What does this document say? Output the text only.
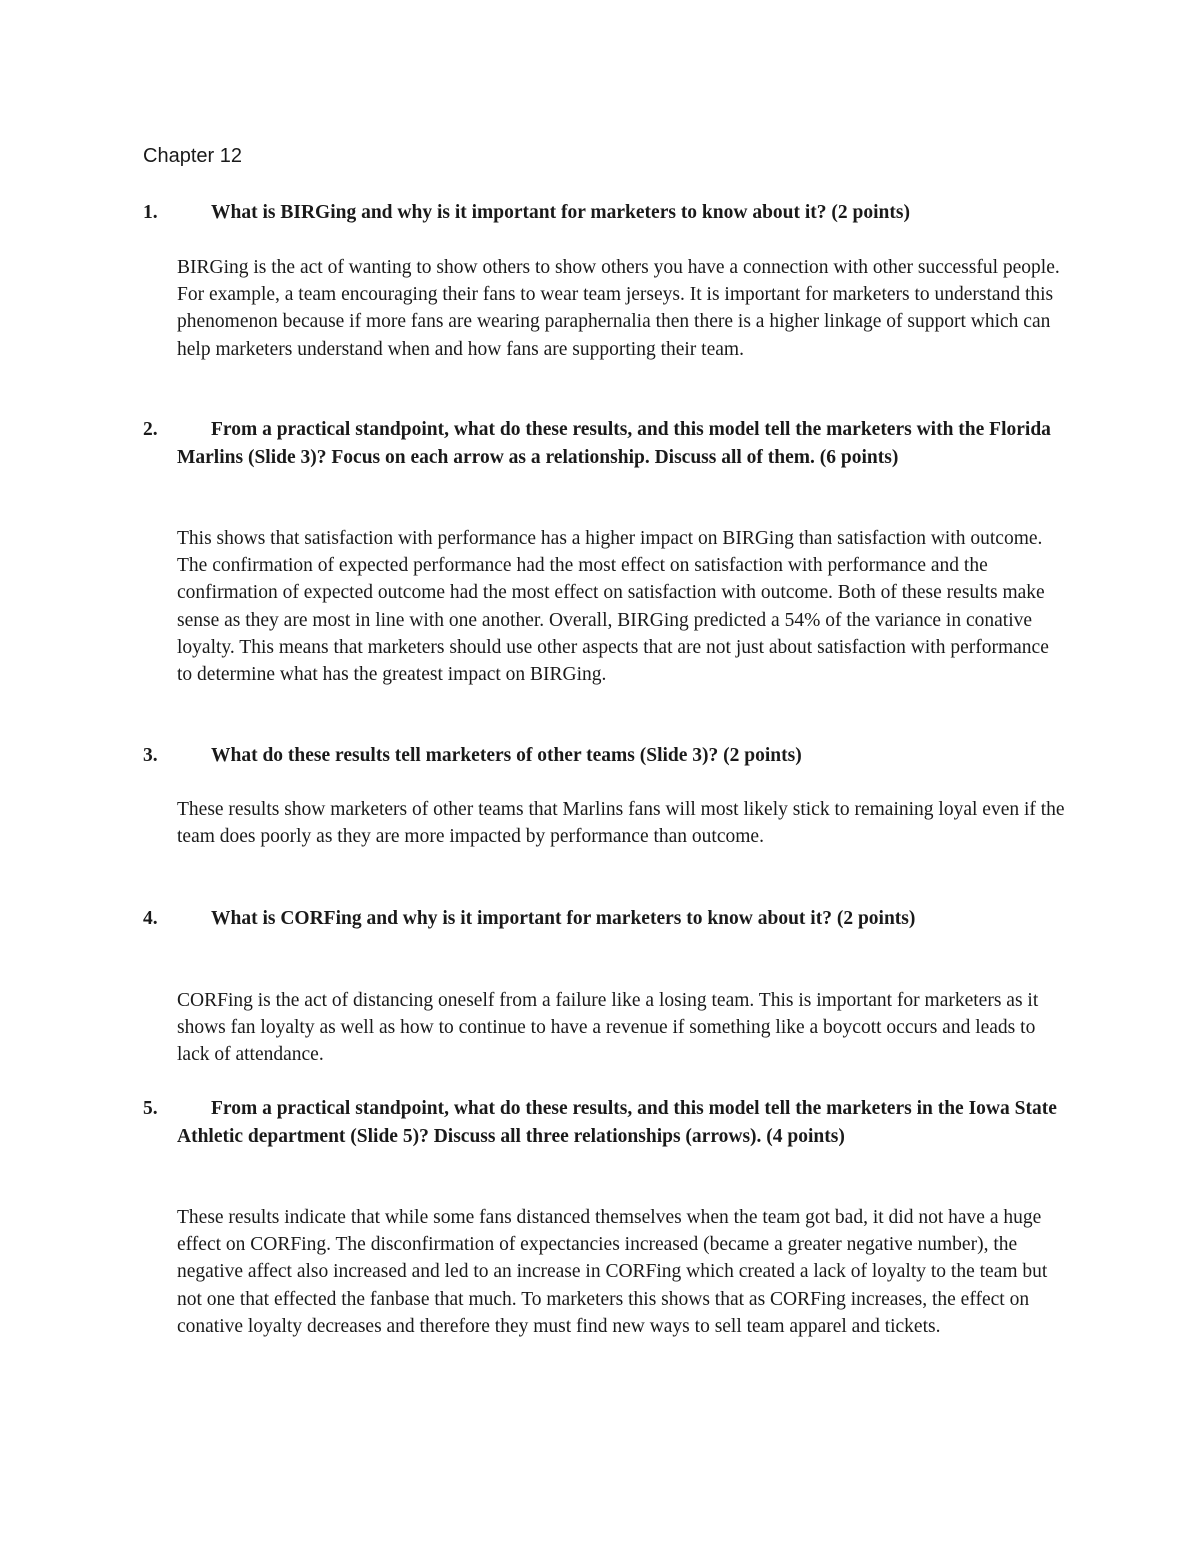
Chapter 12
1.	What is BIRGing and why is it important for marketers to know about it? (2 points)

BIRGing is the act of wanting to show others to show others you have a connection with other successful people. For example, a team encouraging their fans to wear team jerseys. It is important for marketers to understand this phenomenon because if more fans are wearing paraphernalia then there is a higher linkage of support which can help marketers understand when and how fans are supporting their team.

2.	From a practical standpoint, what do these results, and this model tell the marketers with the Florida Marlins (Slide 3)? Focus on each arrow as a relationship. Discuss all of them. (6 points)

This shows that satisfaction with performance has a higher impact on BIRGing than satisfaction with outcome. The confirmation of expected performance had the most effect on satisfaction with performance and the confirmation of expected outcome had the most effect on satisfaction with outcome. Both of these results make sense as they are most in line with one another. Overall, BIRGing predicted a 54% of the variance in conative loyalty. This means that marketers should use other aspects that are not just about satisfaction with performance to determine what has the greatest impact on BIRGing.

3.	What do these results tell marketers of other teams (Slide 3)? (2 points)

These results show marketers of other teams that Marlins fans will most likely stick to remaining loyal even if the team does poorly as they are more impacted by performance than outcome.

4.	What is CORFing and why is it important for marketers to know about it? (2 points)

CORFing is the act of distancing oneself from a failure like a losing team. This is important for marketers as it shows fan loyalty as well as how to continue to have a revenue if something like a boycott occurs and leads to lack of attendance.

5.	From a practical standpoint, what do these results, and this model tell the marketers in the Iowa State Athletic department (Slide 5)? Discuss all three relationships (arrows). (4 points)

These results indicate that while some fans distanced themselves when the team got bad, it did not have a huge effect on CORFing. The disconfirmation of expectancies increased (became a greater negative number), the negative affect also increased and led to an increase in CORFing which created a lack of loyalty to the team but not one that effected the fanbase that much. To marketers this shows that as CORFing increases, the effect on conative loyalty decreases and therefore they must find new ways to sell team apparel and tickets.
